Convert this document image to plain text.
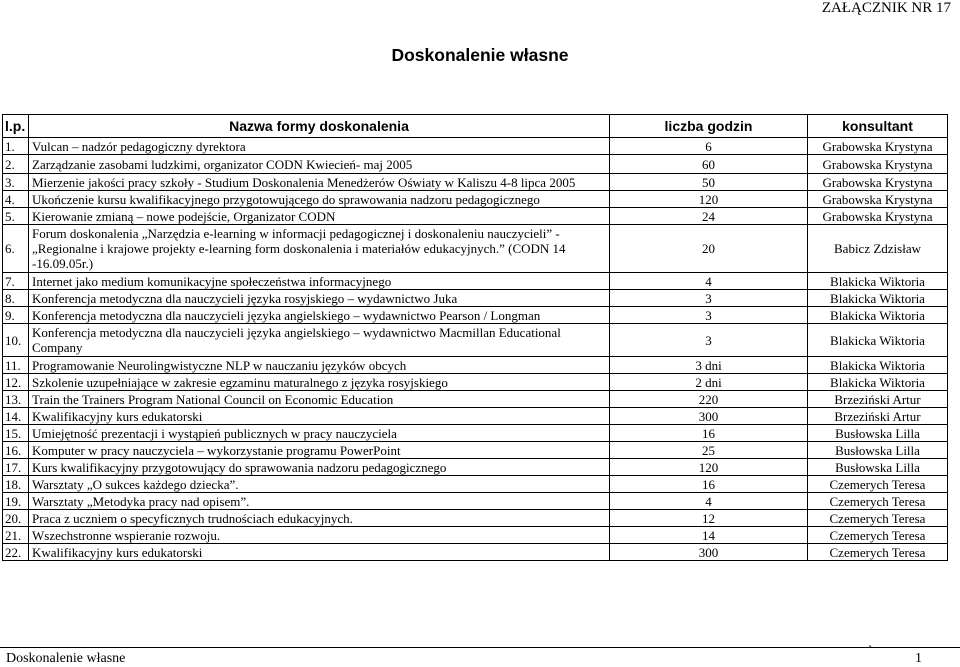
ZAŁĄCZNIK NR 17
Doskonalenie własne
l.p.	Nazwa formy doskonalenia	liczba godzin	konsultant
1.	Vulcan – nadzór pedagogiczny dyrektora	6	Grabowska Krystyna
2.	Zarządzanie zasobami ludzkimi, organizator CODN Kwiecień- maj 2005	60	Grabowska Krystyna
3.	Mierzenie jakości pracy szkoły - Studium Doskonalenia Menedżerów Oświaty w Kaliszu 4-8 lipca 2005	50	Grabowska Krystyna
4.	Ukończenie kursu kwalifikacyjnego przygotowującego do sprawowania nadzoru pedagogicznego	120	Grabowska Krystyna
5.	Kierowanie zmianą – nowe podejście, Organizator CODN	24	Grabowska Krystyna
6.	Forum doskonalenia „Narzędzia e-learning w informacji pedagogicznej i doskonaleniu nauczycieli” - „Regionalne i krajowe projekty e-learning form doskonalenia i materiałów edukacyjnych.” (CODN 14 -16.09.05r.)	20	Babicz Zdzisław
7.	Internet jako medium komunikacyjne społeczeństwa informacyjnego	4	Blakicka Wiktoria
8.	Konferencja metodyczna dla nauczycieli języka rosyjskiego – wydawnictwo Juka	3	Blakicka Wiktoria
9.	Konferencja metodyczna dla nauczycieli języka angielskiego – wydawnictwo Pearson / Longman	3	Blakicka Wiktoria
10.	Konferencja metodyczna dla nauczycieli języka angielskiego – wydawnictwo Macmillan Educational Company	3	Blakicka Wiktoria
11.	Programowanie Neurolingwistyczne NLP w nauczaniu języków obcych	3 dni	Blakicka Wiktoria
12.	Szkolenie uzupełniające w zakresie egzaminu maturalnego z języka rosyjskiego	2 dni	Blakicka Wiktoria
13.	Train the Trainers Program National Council on Economic Education	220	Brzeziński Artur
14.	Kwalifikacyjny kurs edukatorski	300	Brzeziński Artur
15.	Umiejętność prezentacji i wystąpień publicznych w pracy nauczyciela	16	Busłowska Lilla
16.	Komputer w pracy nauczyciela – wykorzystanie programu PowerPoint	25	Busłowska Lilla
17.	Kurs kwalifikacyjny przygotowujący do sprawowania nadzoru pedagogicznego	120	Busłowska Lilla
18.	Warsztaty „O sukces każdego dziecka”.	16	Czemerych Teresa
19.	Warsztaty „Metodyka pracy nad opisem”.	4	Czemerych Teresa
20.	Praca z uczniem o specyficznych trudnościach edukacyjnych.	12	Czemerych Teresa
21.	Wszechstronne wspieranie rozwoju.	14	Czemerych Teresa
22.	Kwalifikacyjny kurs edukatorski	300	Czemerych Teresa
Doskonalenie własne	`	1
